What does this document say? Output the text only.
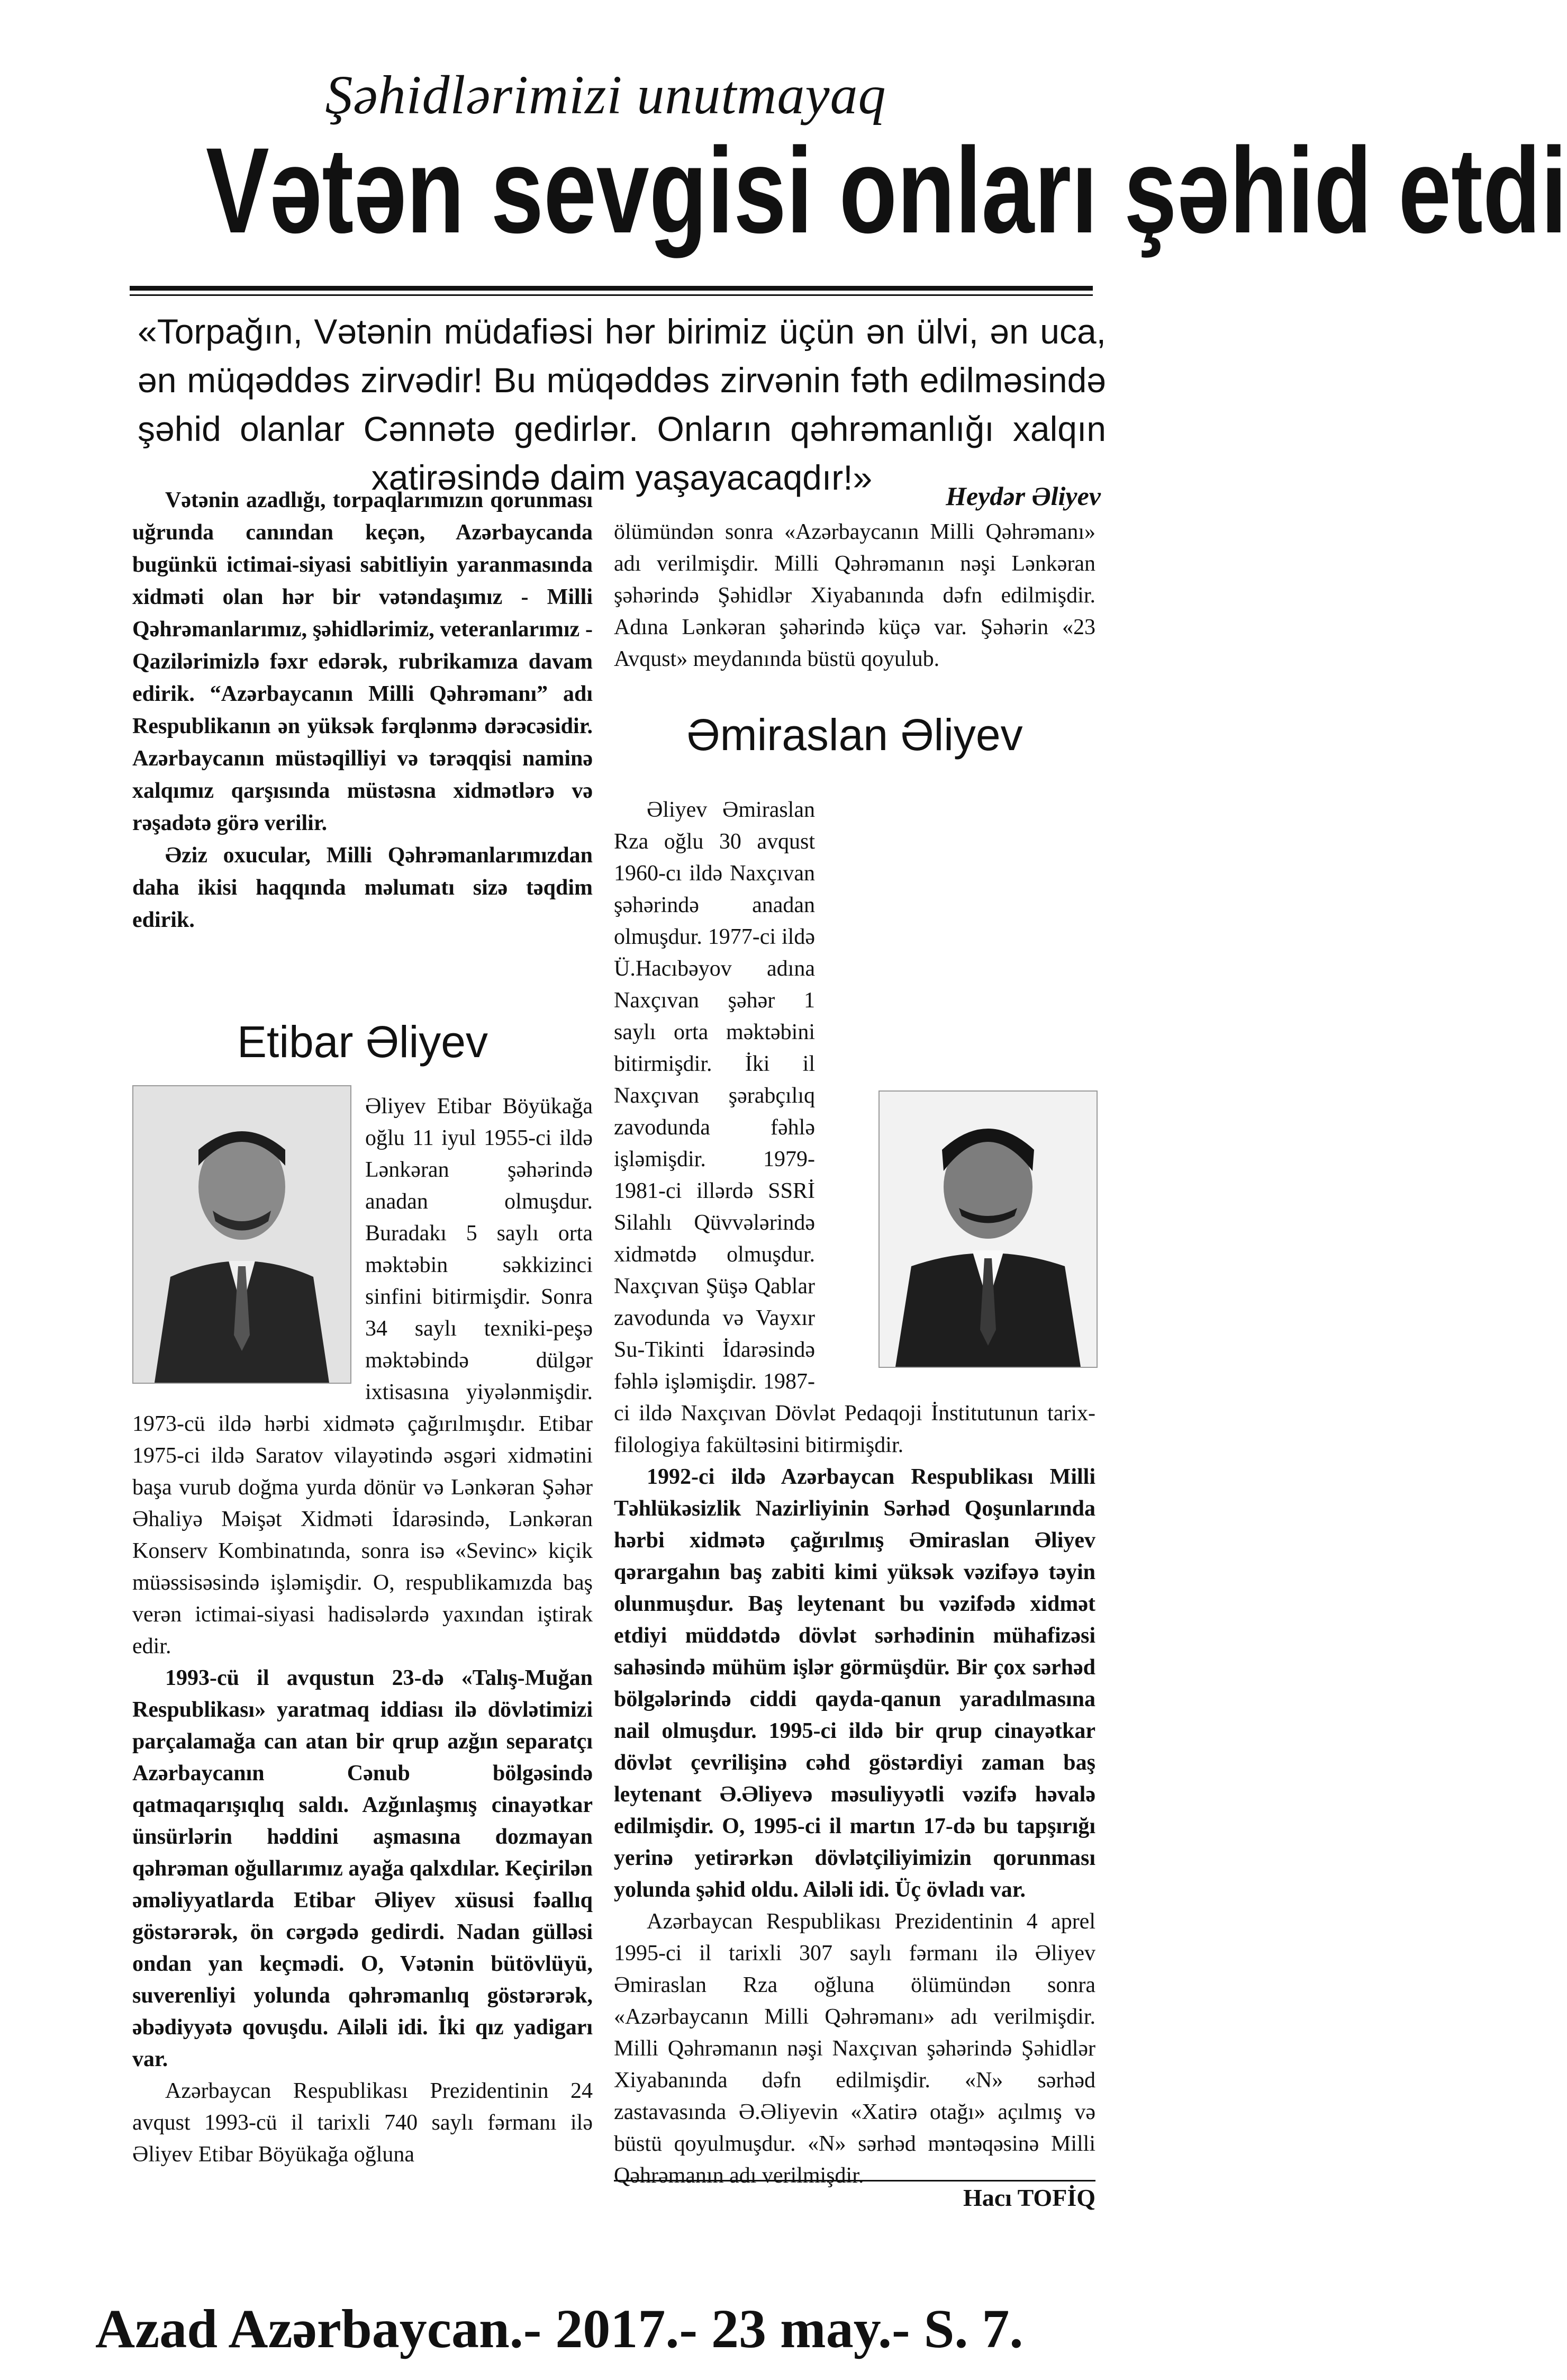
Şəhidlərimizi unutmayaq
Vətən sevgisi onları şəhid etdi
«Torpağın, Vətənin müdafiəsi hər birimiz üçün ən ülvi, ən uca, ən müqəddəs zirvədir! Bu müqəddəs zirvənin fəth edilməsində şəhid olanlar Cənnətə gedirlər. Onların qəhrəmanlığı xalqın xatirəsində daim yaşayacaqdır!»	Heydər Əliyev

Vətənin azadlığı, torpaqlarımızın qorunması uğrunda canından keçən, Azərbaycanda bugünkü ictimai-siyasi sabitliyin yaranmasında xidməti olan hər bir vətəndaşımız - Milli Qəhrəmanlarımız, şəhidlərimiz, veteranlarımız - Qazilərimizlə fəxr edərək, rubrikamıza davam edirik. “Azərbaycanın Milli Qəhrəmanı” adı Respublikanın ən yüksək fərqlənmə dərəcəsidir. Azərbaycanın müstəqilliyi və tərəqqisi naminə xalqımız qarşısında müstəsna xidmətlərə və rəşadətə görə verilir.

Əziz oxucular, Milli Qəhrəmanlarımızdan daha ikisi haqqında məlumatı sizə təqdim edirik.

Etibar Əliyev

Əliyev Etibar Böyükağa oğlu 11 iyul 1955-ci ildə Lənkəran şəhərində anadan olmuşdur. Buradakı 5 saylı orta məktəbin səkkizinci sinfini bitirmişdir. Sonra 34 saylı texniki-peşə məktəbində dülgər ixtisasına yiyələnmişdir. 1973-cü ildə hərbi xidmətə çağırılmışdır. Etibar 1975-ci ildə Saratov vilayətində əsgəri xidmətini başa vurub doğma yurda dönür və Lənkəran Şəhər Əhaliyə Məişət Xidməti İdarəsində, Lənkəran Konserv Kombinatında, sonra isə «Sevinc» kiçik müəssisəsində işləmişdir. O, respublikamızda baş verən ictimai-siyasi hadisələrdə yaxından iştirak edir.

1993-cü il avqustun 23-də «Talış-Muğan Respublikası» yaratmaq iddiası ilə dövlətimizi parçalamağa can atan bir qrup azğın separatçı Azərbaycanın Cənub bölgəsində qatmaqarışıqlıq saldı. Azğınlaşmış cinayətkar ünsürlərin həddini aşmasına dozmayan qəhrəman oğullarımız ayağa qalxdılar. Keçirilən əməliyyatlarda Etibar Əliyev xüsusi fəallıq göstərərək, ön cərgədə gedirdi. Nadan gülləsi ondan yan keçmədi. O, Vətənin bütövlüyü, suverenliyi yolunda qəhrəmanlıq göstərərək, əbədiyyətə qovuşdu. Ailəli idi. İki qız yadigarı var.

Azərbaycan Respublikası Prezidentinin 24 avqust 1993-cü il tarixli 740 saylı fərmanı ilə Əliyev Etibar Böyükağa oğluna

ölümündən sonra «Azərbaycanın Milli Qəhrəmanı» adı verilmişdir. Milli Qəhrəmanın nəşi Lənkəran şəhərində Şəhidlər Xiyabanında dəfn edilmişdir. Adına Lənkəran şəhərində küçə var. Şəhərin «23 Avqust» meydanında büstü qoyulub.

Əmiraslan Əliyev

Əliyev Əmiraslan Rza oğlu 30 avqust 1960-cı ildə Naxçıvan şəhərində anadan olmuşdur. 1977-ci ildə Ü.Hacıbəyov adına Naxçıvan şəhər 1 saylı orta məktəbini bitirmişdir. İki il Naxçıvan şərabçılıq zavodunda fəhlə işləmişdir. 1979-1981-ci illərdə SSRİ Silahlı Qüvvələrində xidmətdə olmuşdur. Naxçıvan Şüşə Qablar zavodunda və Vayxır Su-Tikinti İdarəsində fəhlə işləmişdir. 1987-ci ildə Naxçıvan Dövlət Pedaqoji İnstitutunun tarix-filologiya fakültəsini bitirmişdir.

1992-ci ildə Azərbaycan Respublikası Milli Təhlükəsizlik Nazirliyinin Sərhəd Qoşunlarında hərbi xidmətə çağırılmış Əmiraslan Əliyev qərargahın baş zabiti kimi yüksək vəzifəyə təyin olunmuşdur. Baş leytenant bu vəzifədə xidmət etdiyi müddətdə dövlət sərhədinin mühafizəsi sahəsində mühüm işlər görmüşdür. Bir çox sərhəd bölgələrində ciddi qayda-qanun yaradılmasına nail olmuşdur. 1995-ci ildə bir qrup cinayətkar dövlət çevrilişinə cəhd göstərdiyi zaman baş leytenant Ə.Əliyevə məsuliyyətli vəzifə həvalə edilmişdir. O, 1995-ci il martın 17-də bu tapşırığı yerinə yetirərkən dövlətçiliyimizin qorunması yolunda şəhid oldu. Ailəli idi. Üç övladı var.

Azərbaycan Respublikası Prezidentinin 4 aprel 1995-ci il tarixli 307 saylı fərmanı ilə Əliyev Əmiraslan Rza oğluna ölümündən sonra «Azərbaycanın Milli Qəhrəmanı» adı verilmişdir. Milli Qəhrəmanın nəşi Naxçıvan şəhərində Şəhidlər Xiyabanında dəfn edilmişdir. «N» sərhəd zastavasında Ə.Əliyevin «Xatirə otağı» açılmış və büstü qoyulmuşdur. «N» sərhəd məntəqəsinə Milli Qəhrəmanın adı verilmişdir.

Hacı TOFİQ
Azad Azərbaycan.- 2017.- 23 may.- S. 7.
